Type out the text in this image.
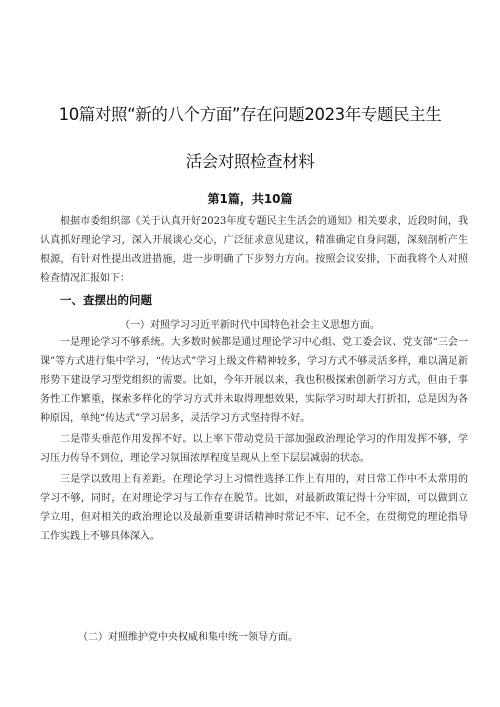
10篇对照“新的八个方面”存在问题2023年专题民主生
活会对照检查材料
第1篇，共10篇

根据市委组织部《关于认真开好2023年度专题民主生活会的通知》相关要求，近段时间，我认真抓好理论学习，深入开展谈心交心，广泛征求意见建议，精准确定自身问题，深刻剖析产生根源，有针对性提出改进措施，进一步明确了下步努力方向。按照会议安排，下面我将个人对照检查情况汇报如下：

一、查摆出的问题
（一）对照学习习近平新时代中国特色社会主义思想方面。

一是理论学习不够系统。大多数时候都是通过理论学习中心组、党工委会议、党支部“三会一课”等方式进行集中学习，“传达式”学习上级文件精神较多，学习方式不够灵活多样，难以满足新形势下建设学习型党组织的需要。比如，今年开展以来，我也积极探索创新学习方式，但由于事务性工作繁重，探索多样化的学习方式并未取得理想效果，实际学习时却大打折扣，总是因为各种原因，单纯“传达式”学习居多，灵活学习方式坚持得不好。

二是带头垂范作用发挥不好。以上率下带动党员干部加强政治理论学习的作用发挥不够，学习压力传导不到位，理论学习氛围浓厚程度呈现从上至下层层减弱的状态。

三是学以致用上有差距。在理论学习上习惯性选择工作上有用的，对日常工作中不太常用的学习不够，同时，在对理论学习与工作存在脱节。比如，对最新政策记得十分牢固，可以做到立学立用，但对相关的政治理论以及最新重要讲话精神时常记不牢、记不全，在贯彻党的理论指导工作实践上不够具体深入。

（二）对照维护党中央权威和集中统一领导方面。
